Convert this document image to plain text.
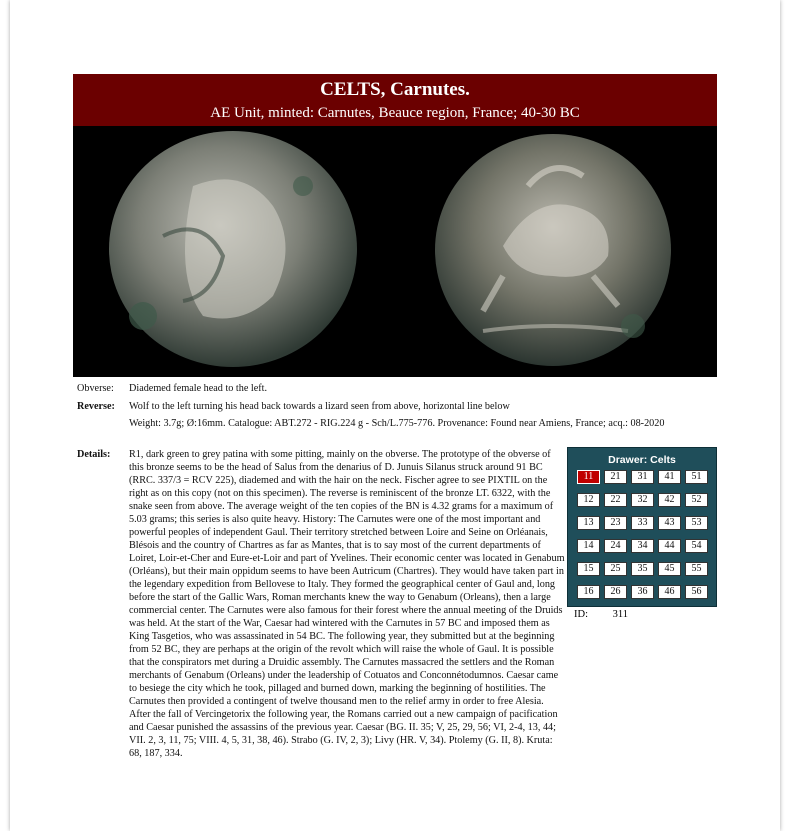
CELTS, Carnutes.
AE Unit, minted: Carnutes, Beauce region, France; 40-30 BC
Obverse: Diademed female head to the left.
Reverse: Wolf to the left turning his head back towards a lizard seen from above, horizontal line below
Weight: 3.7g; Ø:16mm. Catalogue: ABT.272 - RIG.224 g - Sch/L.775-776. Provenance: Found near Amiens, France; acq.: 08-2020
Details: R1, dark green to grey patina with some pitting, mainly on the obverse. The prototype of the obverse of this bronze seems to be the head of Salus from the denarius of D. Junuis Silanus struck around 91 BC (RRC. 337/3 = RCV 225), diademed and with the hair on the neck. Fischer agree to see PIXTIL on the right as on this copy (not on this specimen). The reverse is reminiscent of the bronze LT. 6322, with the snake seen from above. The average weight of the ten copies of the BN is 4.32 grams for a maximum of 5.03 grams; this series is also quite heavy. History: The Carnutes were one of the most important and powerful peoples of independent Gaul. Their territory stretched between Loire and Seine on Orléanais, Blésois and the country of Chartres as far as Mantes, that is to say most of the current departments of Loiret, Loir-et-Cher and Eure-et-Loir and part of Yvelines. Their economic center was located in Genabum (Orléans), but their main oppidum seems to have been Autricum (Chartres). They would have taken part in the legendary expedition from Bellovese to Italy. They formed the geographical center of Gaul and, long before the start of the Gallic Wars, Roman merchants knew the way to Genabum (Orleans), then a large commercial center. The Carnutes were also famous for their forest where the annual meeting of the Druids was held. At the start of the War, Caesar had wintered with the Carnutes in 57 BC and imposed them as King Tasgetios, who was assassinated in 54 BC. The following year, they submitted but at the beginning from 52 BC, they are perhaps at the origin of the revolt which will raise the whole of Gaul. It is possible that the conspirators met during a Druidic assembly. The Carnutes massacred the settlers and the Roman merchants of Genabum (Orleans) under the leadership of Cotuatos and Conconnétodumnos. Caesar came to besiege the city which he took, pillaged and burned down, marking the beginning of hostilities. The Carnutes then provided a contingent of twelve thousand men to the relief army in order to free Alesia. After the fall of Vercingetorix the following year, the Romans carried out a new campaign of pacification and Caesar punished the assassins of the previous year. Caesar (BG. II. 35; V, 25, 29, 56; VI, 2-4, 13, 44; VII. 2, 3, 11, 75; VIII. 4, 5, 31, 38, 46). Strabo (G. IV, 2, 3); Livy (HR. V, 34). Ptolemy (G. II, 8). Kruta: 68, 187, 334.
Drawer: Celts
11	21	31	41	51
12	22	32	42	52
13	23	33	43	53
14	24	34	44	54
15	25	35	45	55
16	26	36	46	56
ID: 311
